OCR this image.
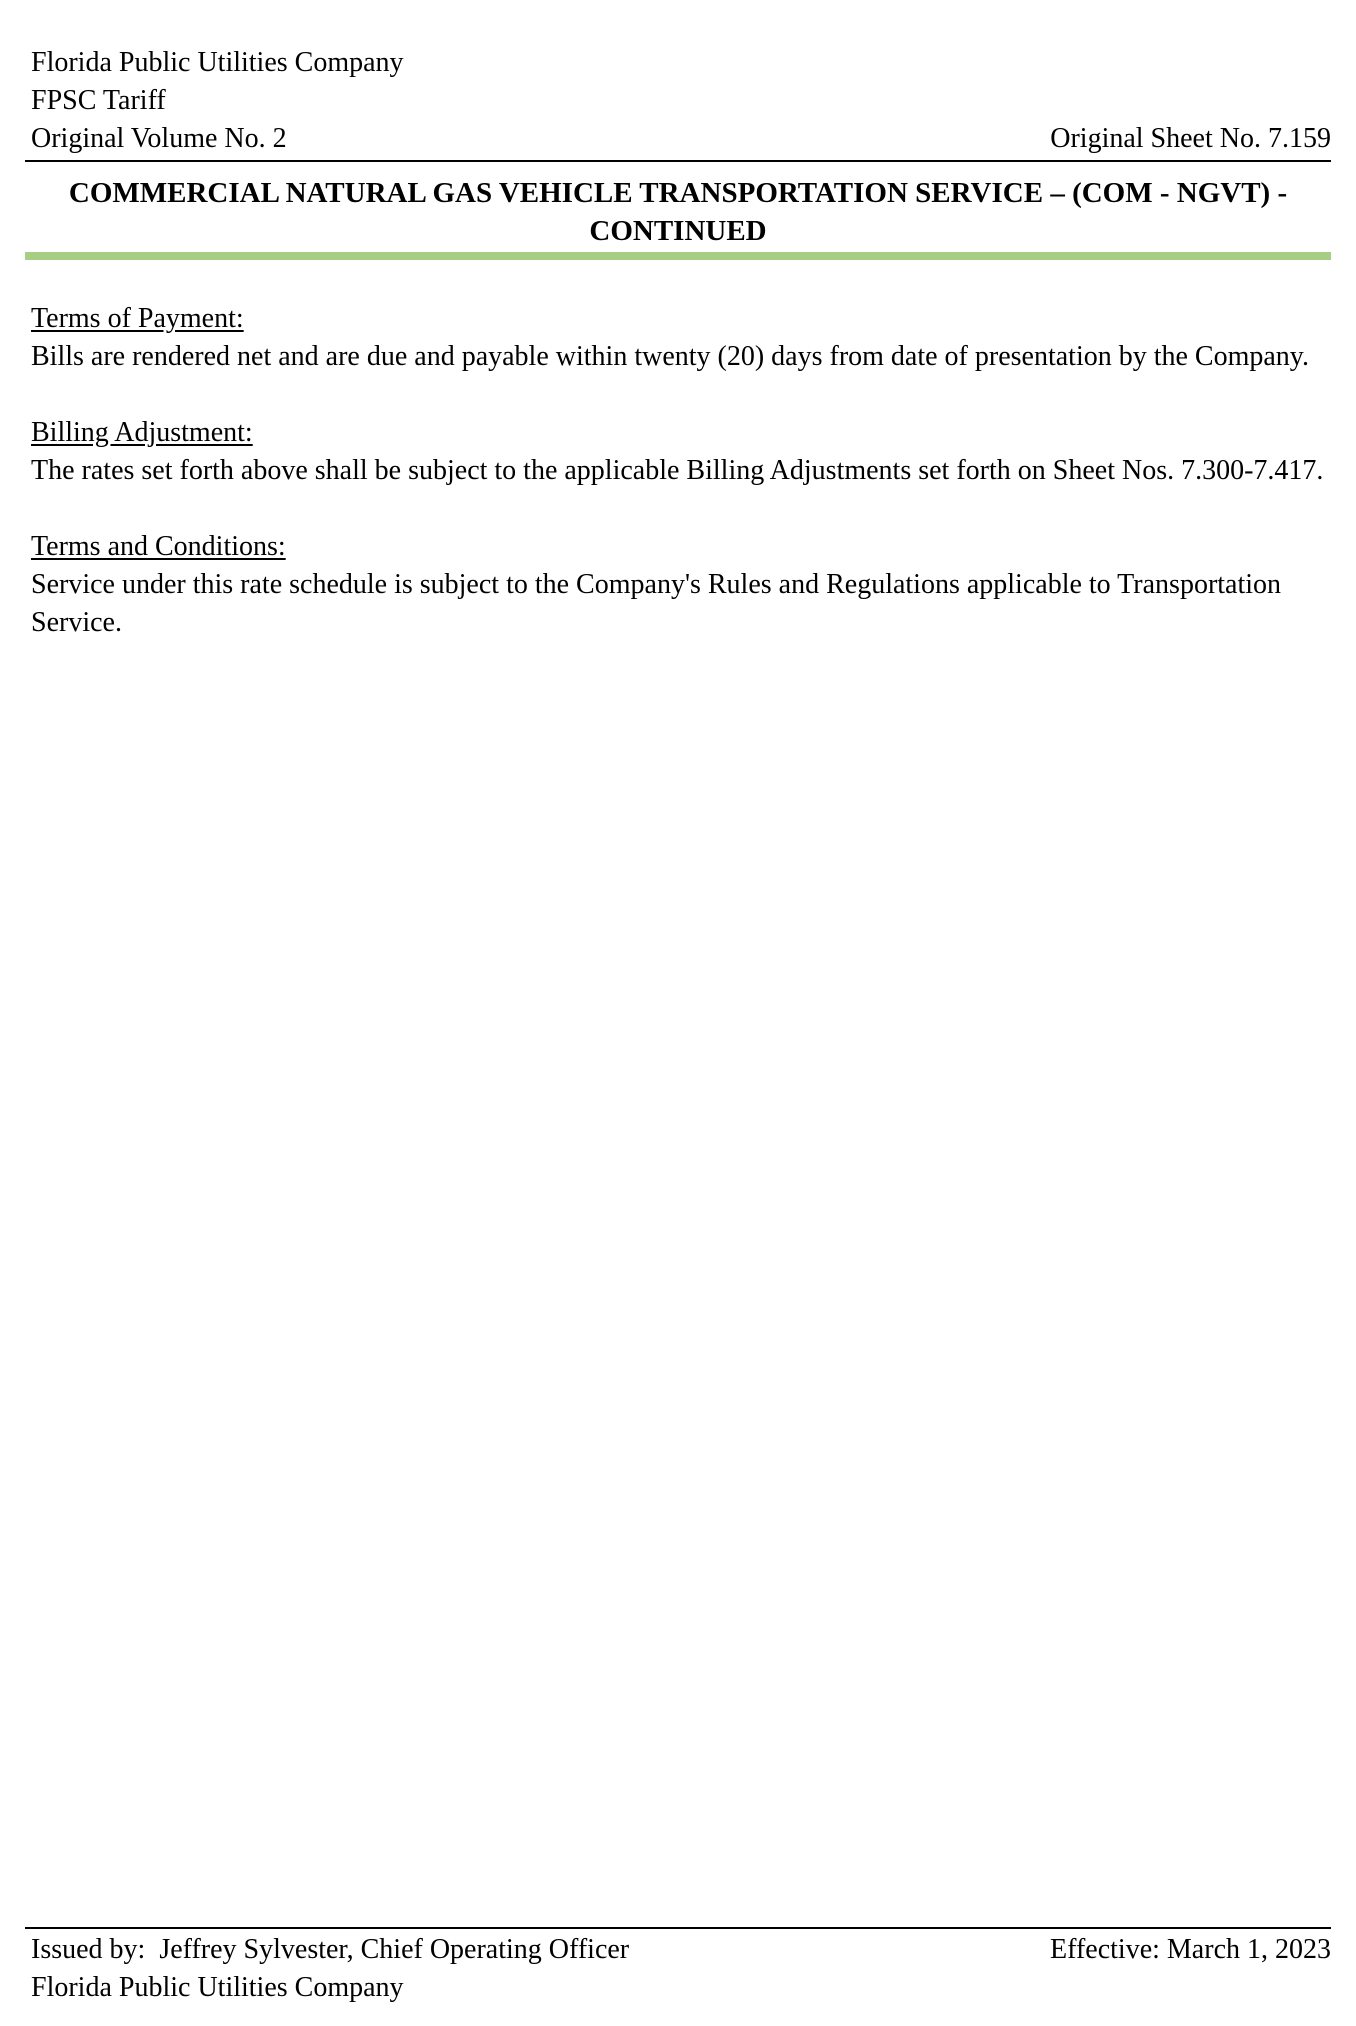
Florida Public Utilities Company
FPSC Tariff
Original Volume No. 2	Original Sheet No. 7.159
COMMERCIAL NATURAL GAS VEHICLE TRANSPORTATION SERVICE – (COM - NGVT) - CONTINUED
Terms of Payment:
Bills are rendered net and are due and payable within twenty (20) days from date of presentation by the Company.
Billing Adjustment:
The rates set forth above shall be subject to the applicable Billing Adjustments set forth on Sheet Nos. 7.300-7.417.
Terms and Conditions:
Service under this rate schedule is subject to the Company's Rules and Regulations applicable to Transportation Service.
Issued by:  Jeffrey Sylvester, Chief Operating Officer
Florida Public Utilities Company
Effective: March 1, 2023
